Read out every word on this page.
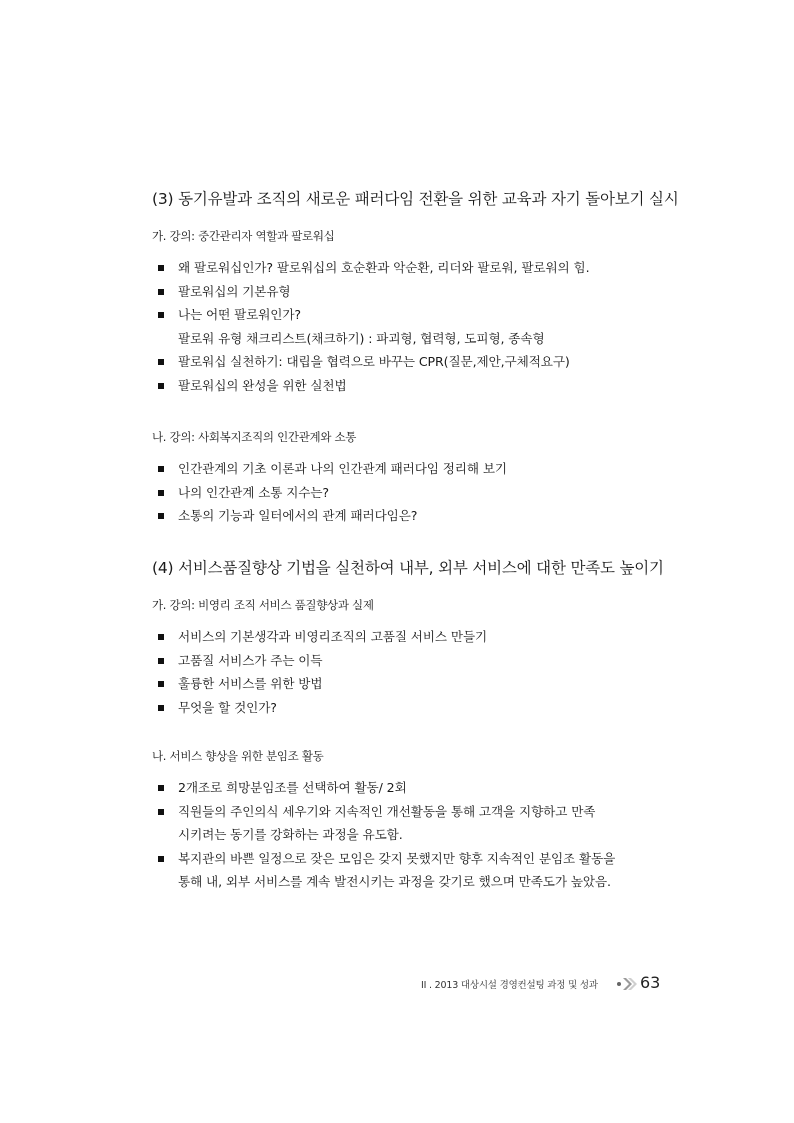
(3) 동기유발과 조직의 새로운 패러다임 전환을 위한 교육과 자기 돌아보기 실시
가. 강의: 중간관리자 역할과 팔로워십
왜 팔로워십인가? 팔로워십의 호순환과 악순환, 리더와 팔로워, 팔로워의 힘.
팔로워십의 기본유형
나는 어떤 팔로워인가?
팔로워 유형 채크리스트(채크하기) : 파괴형, 협력형, 도피형, 종속형
팔로워십 실천하기: 대립을 협력으로 바꾸는 CPR(질문,제안,구체적요구)
팔로워십의 완성을 위한 실천법
나. 강의: 사회복지조직의 인간관계와 소통
인간관계의 기초 이론과 나의 인간관계 패러다임 정리해 보기
나의 인간관계 소통 지수는?
소통의 기능과 일터에서의 관계 패러다임은?
(4) 서비스품질향상 기법을 실천하여 내부, 외부 서비스에 대한 만족도 높이기
가. 강의: 비영리 조직 서비스 품질향상과 실제
서비스의 기본생각과 비영리조직의 고품질 서비스 만들기
고품질 서비스가 주는 이득
훌륭한 서비스를 위한 방법
무엇을 할 것인가?
나. 서비스 향상을 위한 분임조 활동
2개조로 희망분임조를 선택하여 활동/ 2회
직원들의 주인의식 세우기와 지속적인 개선활동을 통해 고객을 지향하고 만족
시키려는 동기를 강화하는 과정을 유도함.
복지관의 바쁜 일정으로 잦은 모임은 갖지 못했지만 향후 지속적인 분임조 활동을
통해 내, 외부 서비스를 계속 발전시키는 과정을 갖기로 했으며 만족도가 높았음.
II . 2013 대상시설 경영컨설팅 과정 및 성과	63
